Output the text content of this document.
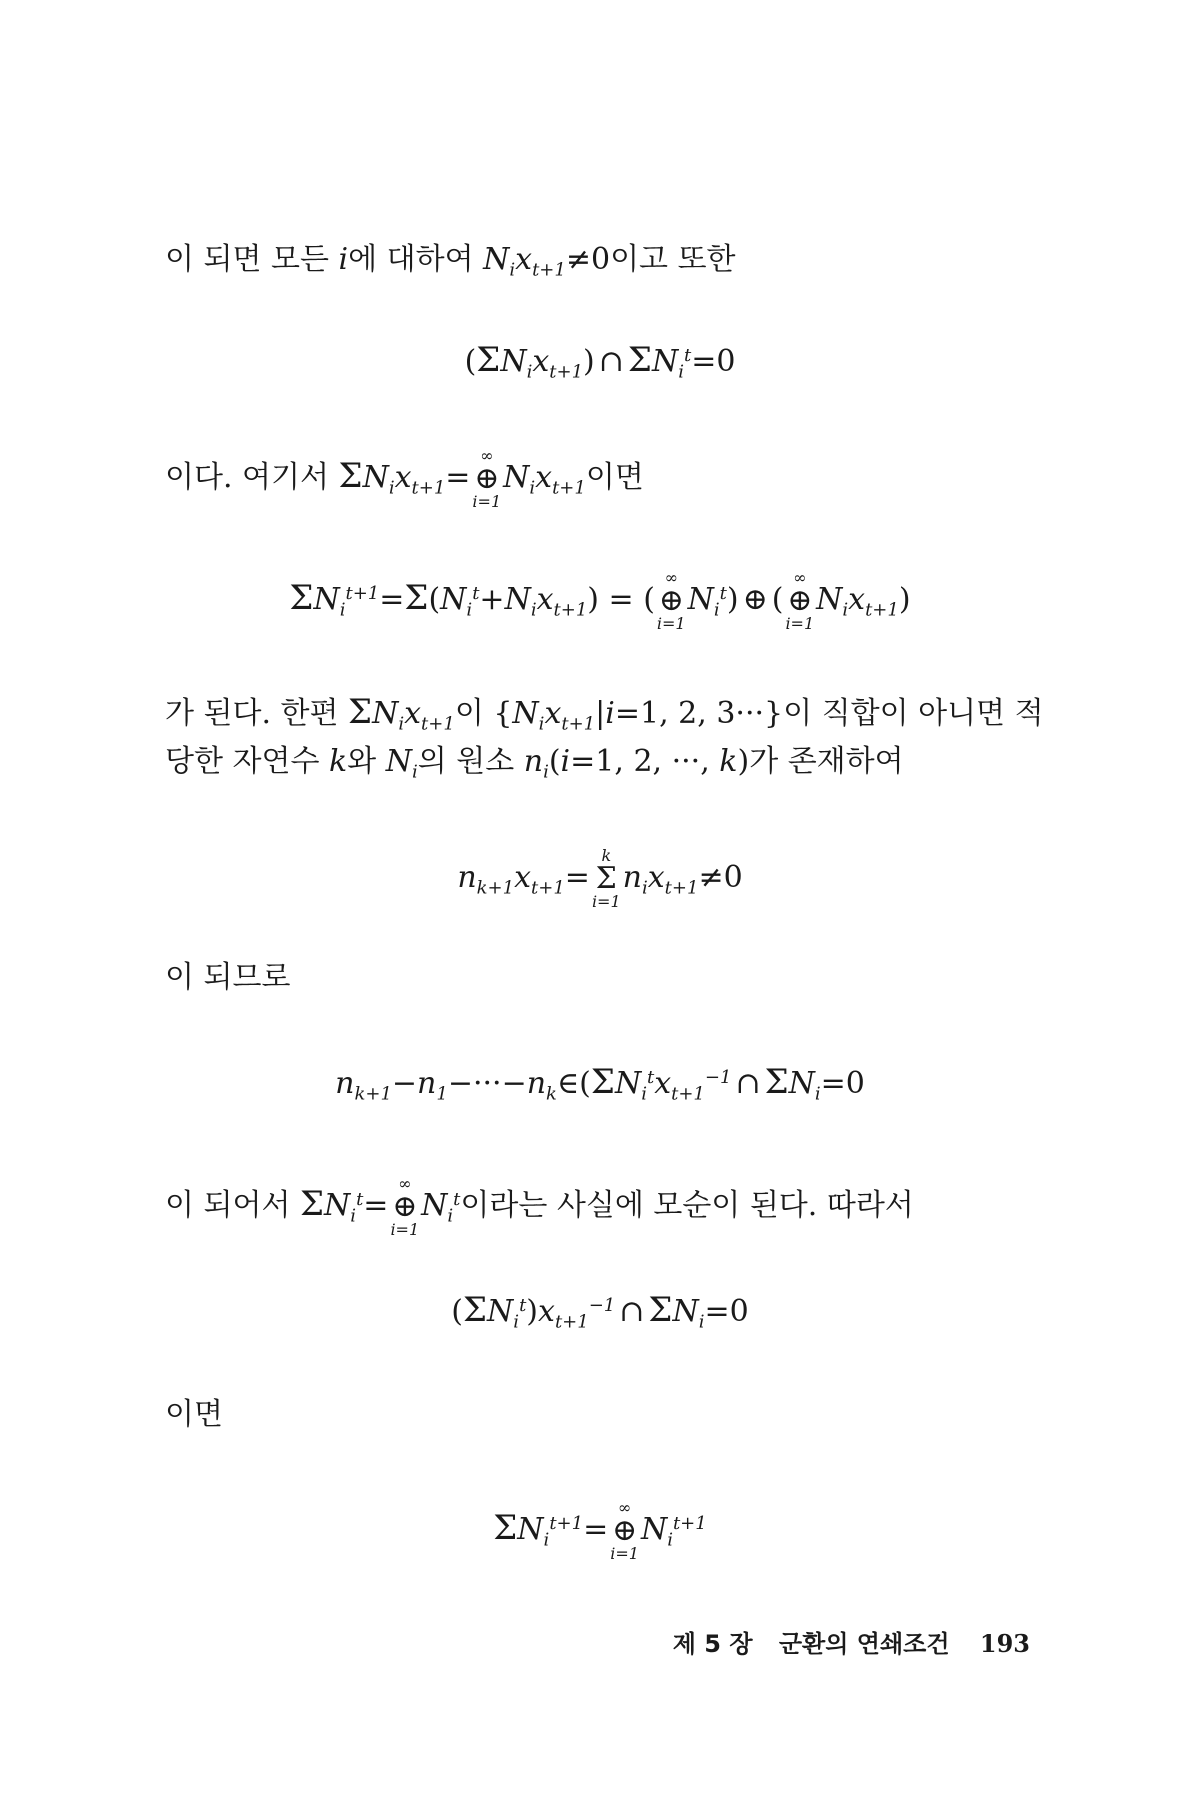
이 되면 모든 i에 대하여 $N_ix_{t+1}\ne 0$이고 또한
$(\Sigma N_ix_{t+1})$ ∩ $\Sigma N_i^t=0$
이다. 여기서 $\Sigma N_ix_{t+1}=$
∞
⊕
i=1
$N_ix_{t+1}$이면
$\Sigma N_i^{t+1}=\Sigma(N_i^t+N_ix_{t+1})$ = (
∞
⊕
i=1
$N_i^t$) ⊕ (
∞
⊕
i=1
$N_ix_{t+1}$)
가 된다. 한편 $\Sigma N_ix_{t+1}$이 {$N_ix_{t+1}|i=1$, 2, 3···}이 직합이 아니면 적
당한 자연수 k와 $N_i$의 원소 $n_i(i=1$, 2, ···, k)가 존재하여
$n_{k+1}x_{t+1}=$
k
Σ
i=1
$n_ix_{t+1}\ne 0$
이 되므로
$n_{k+1}-n_1-\cdot\cdot\cdot-n_k\in(\Sigma N_i^tx_{t+1}^{-1}$ ∩ $\Sigma N_i=0$
이 되어서 $\Sigma N_i^t=$
∞
⊕
i=1
$N_i^t$이라는 사실에 모순이 된다. 따라서
$(\Sigma N_i^t)x_{t+1}^{-1}$ ∩ $\Sigma N_i=0$
이면
$\Sigma N_i^{t+1}=$
∞
⊕
i=1
$N_i^{t+1}$
제 5 장 군환의 연쇄조건 193
